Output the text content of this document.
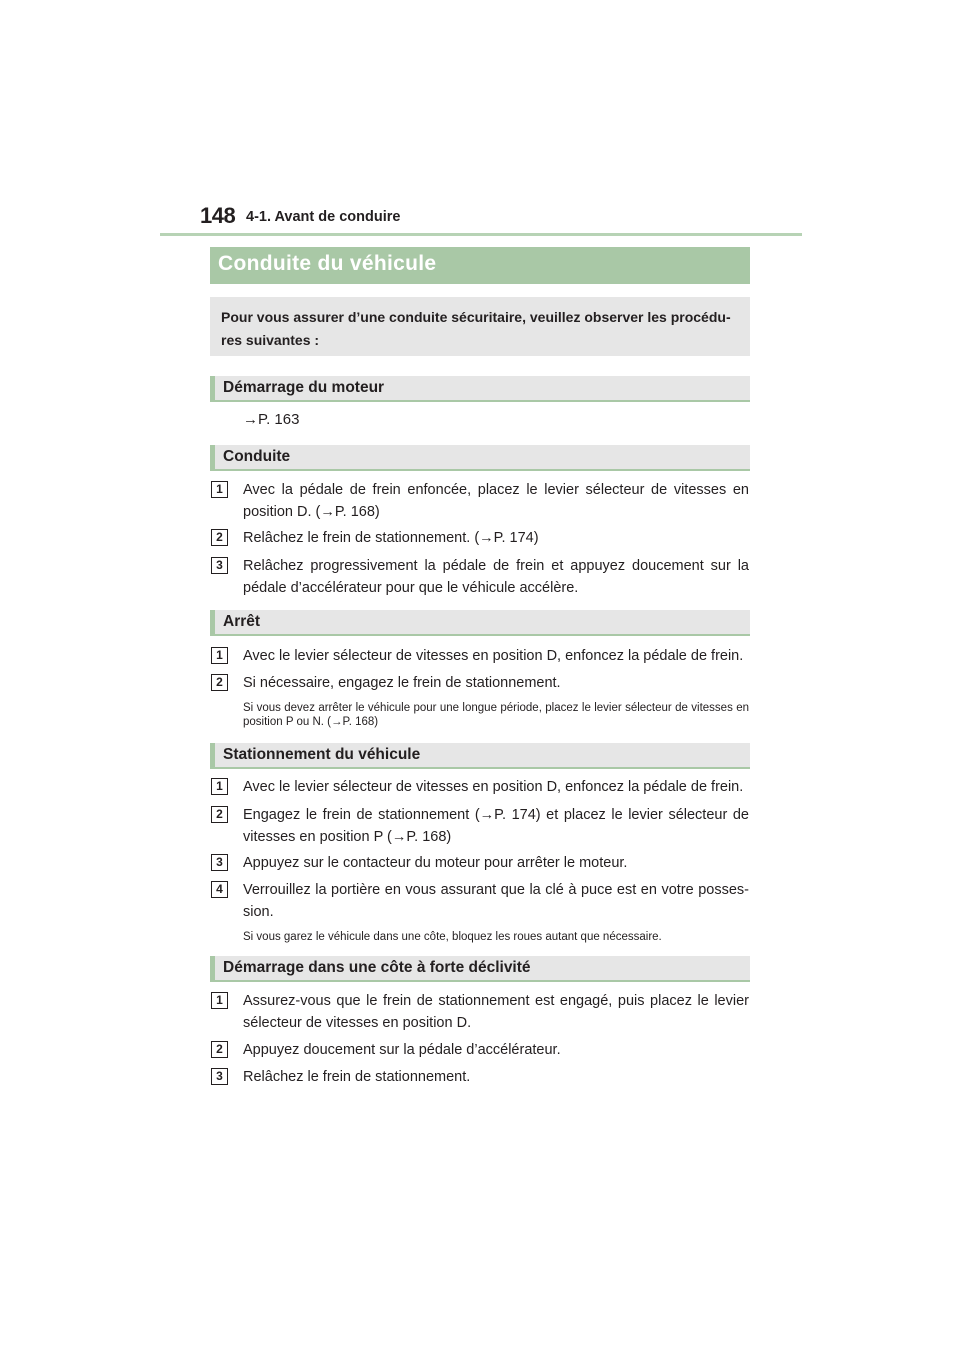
148 4-1. Avant de conduire
Conduite du véhicule

Pour vous assurer d’une conduite sécuritaire, veuillez observer les procédu-res suivantes :

Démarrage du moteur
→P. 163
Conduite
1	Avec la pédale de frein enfoncée, placez le levier sélecteur de vitesses en position D. (→P. 168)
2	Relâchez le frein de stationnement. (→P. 174)
3	Relâchez progressivement la pédale de frein et appuyez doucement sur la pédale d’accélérateur pour que le véhicule accélère.
Arrêt
1	Avec le levier sélecteur de vitesses en position D, enfoncez la pédale de frein.
2	Si nécessaire, engagez le frein de stationnement.
Si vous devez arrêter le véhicule pour une longue période, placez le levier sélecteur de vitesses en position P ou N. (→P. 168)
Stationnement du véhicule
1	Avec le levier sélecteur de vitesses en position D, enfoncez la pédale de frein.
2	Engagez le frein de stationnement (→P. 174) et placez le levier sélecteur de vitesses en position P (→P. 168)
3	Appuyez sur le contacteur du moteur pour arrêter le moteur.
4	Verrouillez la portière en vous assurant que la clé à puce est en votre posses-sion.
Si vous garez le véhicule dans une côte, bloquez les roues autant que nécessaire.
Démarrage dans une côte à forte déclivité
1	Assurez-vous que le frein de stationnement est engagé, puis placez le levier sélecteur de vitesses en position D.
2	Appuyez doucement sur la pédale d’accélérateur.
3	Relâchez le frein de stationnement.
